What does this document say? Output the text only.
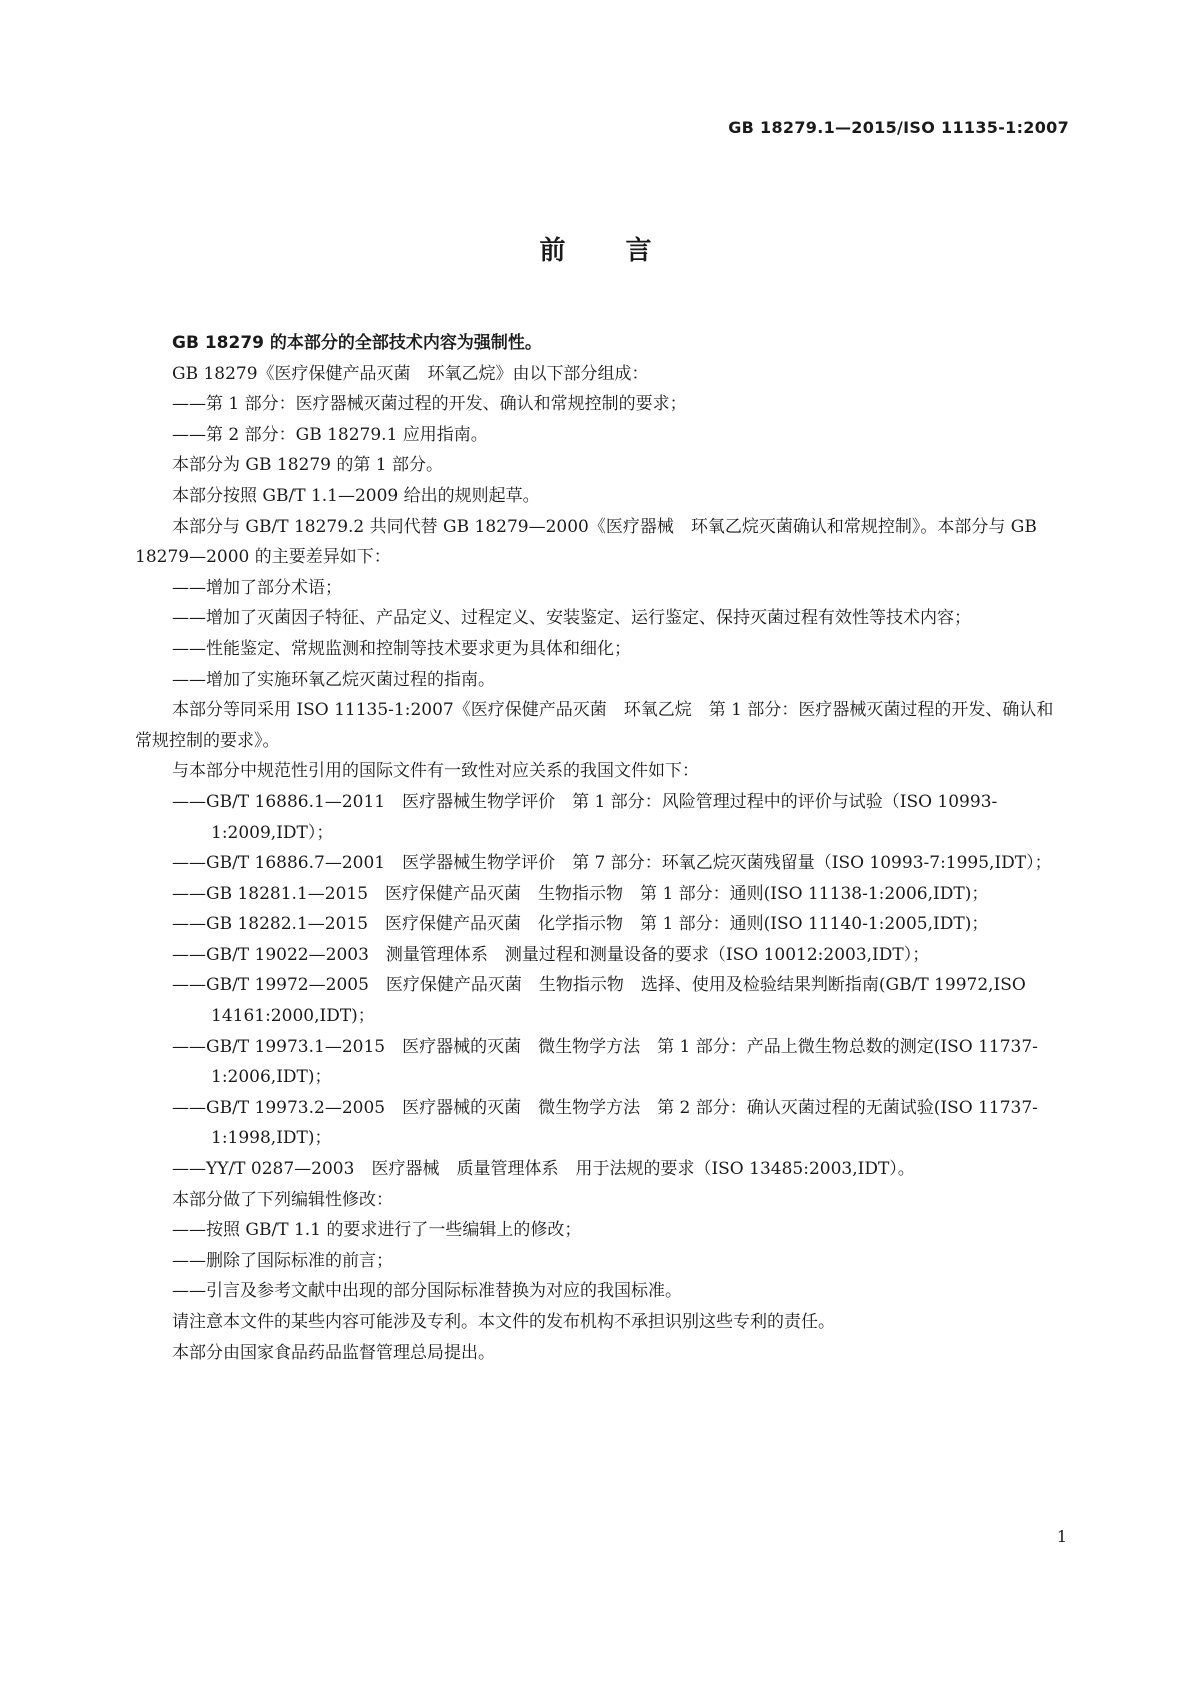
GB 18279.1—2015/ISO 11135-1:2007
前 言

GB 18279 的本部分的全部技术内容为强制性。

GB 18279《医疗保健产品灭菌　环氧乙烷》由以下部分组成：

——第 1 部分：医疗器械灭菌过程的开发、确认和常规控制的要求；

——第 2 部分：GB 18279.1 应用指南。

本部分为 GB 18279 的第 1 部分。

本部分按照 GB/T 1.1—2009 给出的规则起草。

本部分与 GB/T 18279.2 共同代替 GB 18279—2000《医疗器械　环氧乙烷灭菌确认和常规控制》。本部分与 GB 18279—2000 的主要差异如下：

——增加了部分术语；

——增加了灭菌因子特征、产品定义、过程定义、安装鉴定、运行鉴定、保持灭菌过程有效性等技术内容；

——性能鉴定、常规监测和控制等技术要求更为具体和细化；

——增加了实施环氧乙烷灭菌过程的指南。

本部分等同采用 ISO 11135-1:2007《医疗保健产品灭菌　环氧乙烷　第 1 部分：医疗器械灭菌过程的开发、确认和常规控制的要求》。

与本部分中规范性引用的国际文件有一致性对应关系的我国文件如下：

——GB/T 16886.1—2011　医疗器械生物学评价　第 1 部分：风险管理过程中的评价与试验（ISO 10993-1:2009,IDT）；

——GB/T 16886.7—2001　医学器械生物学评价　第 7 部分：环氧乙烷灭菌残留量（ISO 10993-7:1995,IDT）；

——GB 18281.1—2015　医疗保健产品灭菌　生物指示物　第 1 部分：通则(ISO 11138-1:2006,IDT)；

——GB 18282.1—2015　医疗保健产品灭菌　化学指示物　第 1 部分：通则(ISO 11140-1:2005,IDT)；

——GB/T 19022—2003　测量管理体系　测量过程和测量设备的要求（ISO 10012:2003,IDT）；

——GB/T 19972—2005　医疗保健产品灭菌　生物指示物　选择、使用及检验结果判断指南(GB/T 19972,ISO 14161:2000,IDT)；

——GB/T 19973.1—2015　医疗器械的灭菌　微生物学方法　第 1 部分：产品上微生物总数的测定(ISO 11737-1:2006,IDT)；

——GB/T 19973.2—2005　医疗器械的灭菌　微生物学方法　第 2 部分：确认灭菌过程的无菌试验(ISO 11737-1:1998,IDT)；

——YY/T 0287—2003　医疗器械　质量管理体系　用于法规的要求（ISO 13485:2003,IDT）。

本部分做了下列编辑性修改：

——按照 GB/T 1.1 的要求进行了一些编辑上的修改；

——删除了国际标准的前言；

——引言及参考文献中出现的部分国际标准替换为对应的我国标准。

请注意本文件的某些内容可能涉及专利。本文件的发布机构不承担识别这些专利的责任。

本部分由国家食品药品监督管理总局提出。

1
